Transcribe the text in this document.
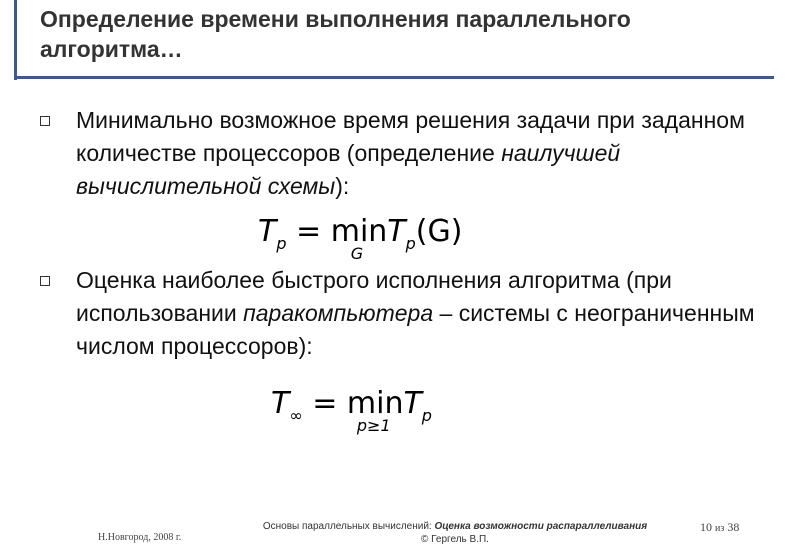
Определение времени выполнения параллельного алгоритма…
Минимально возможное время решения задачи при заданном количестве процессоров (определение наилучшей вычислительной схемы):
$T_p = \min$
G
$T_p(G)$
Оценка наиболее быстрого исполнения алгоритма (при использовании паракомпьютера – системы с неограниченным числом процессоров):
$T_\infty = \min$
p≥1
$T_p$
Н.Новгород, 2008 г.
Основы параллельных вычислений: Оценка возможности распараллеливания
© Гергель В.П.
10 из 38
